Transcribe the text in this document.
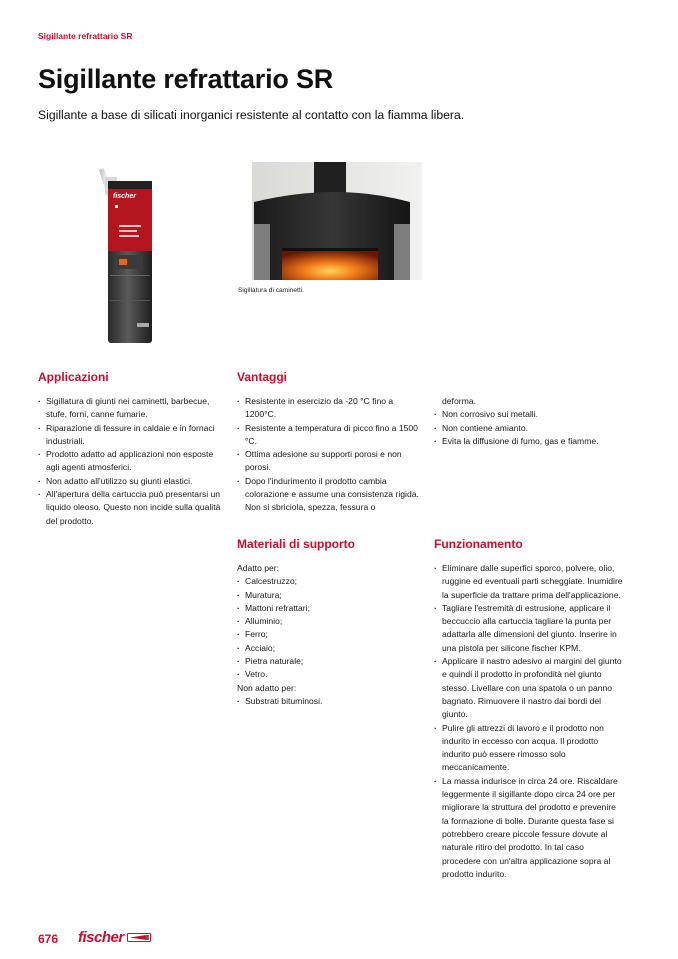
Sigillante refrattario SR
Sigillante refrattario SR
Sigillante a base di silicati inorganici resistente al contatto con la fiamma libera.
fischer
Sigillatura di caminetti.
Applicazioni
· Sigillatura di giunti nei caminetti, barbecue, stufe, forni, canne fumarie.
· Riparazione di fessure in caldaie e in fornaci industriali.
· Prodotto adatto ad applicazioni non esposte agli agenti atmosferici.
· Non adatto all'utilizzo su giunti elastici.
· All'apertura della cartuccia può presentarsi un liquido oleoso. Questo non incide sulla qualità del prodotto.
Vantaggi
· Resistente in esercizio da -20 °C fino a 1200°C.
· Resistente a temperatura di picco fino a 1500 °C.
· Ottima adesione su supporti porosi e non porosi.
· Dopo l'indurimento il prodotto cambia colorazione e assume una consistenza rigida. Non si sbriciola, spezza, fessura o
deforma.
· Non corrosivo sui metalli.
· Non contiene amianto.
· Evita la diffusione di fumo, gas e fiamme.
Materiali di supporto
Adatto per:
· Calcestruzzo;
· Muratura;
· Mattoni refrattari;
· Alluminio;
· Ferro;
· Acciaio;
· Pietra naturale;
· Vetro.
Non adatto per:
· Substrati bituminosi.
Funzionamento
· Eliminare dalle superfici sporco, polvere, olio, ruggine ed eventuali parti scheggiate. Inumidire la superficie da trattare prima dell'applicazione.
· Tagliare l'estremità di estrusione, applicare il beccuccio alla cartuccia tagliare la punta per adattarla alle dimensioni del giunto. Inserire in una pistola per silicone fischer KPM.
· Applicare il nastro adesivo ai margini del giunto e quindi il prodotto in profondità nel giunto stesso. Livellare con una spatola o un panno bagnato. Rimuovere il nastro dai bordi del giunto.
· Pulire gli attrezzi di lavoro e il prodotto non indurito in eccesso con acqua. Il prodotto indurito può essere rimosso solo meccanicamente.
· La massa indurisce in circa 24 ore. Riscaldare leggermente il sigillante dopo circa 24 ore per migliorare la struttura del prodotto e prevenire la formazione di bolle. Durante questa fase si potrebbero creare piccole fessure dovute al naturale ritiro del prodotto. In tal caso procedere con un'altra applicazione sopra al prodotto indurito.
676 fischer
